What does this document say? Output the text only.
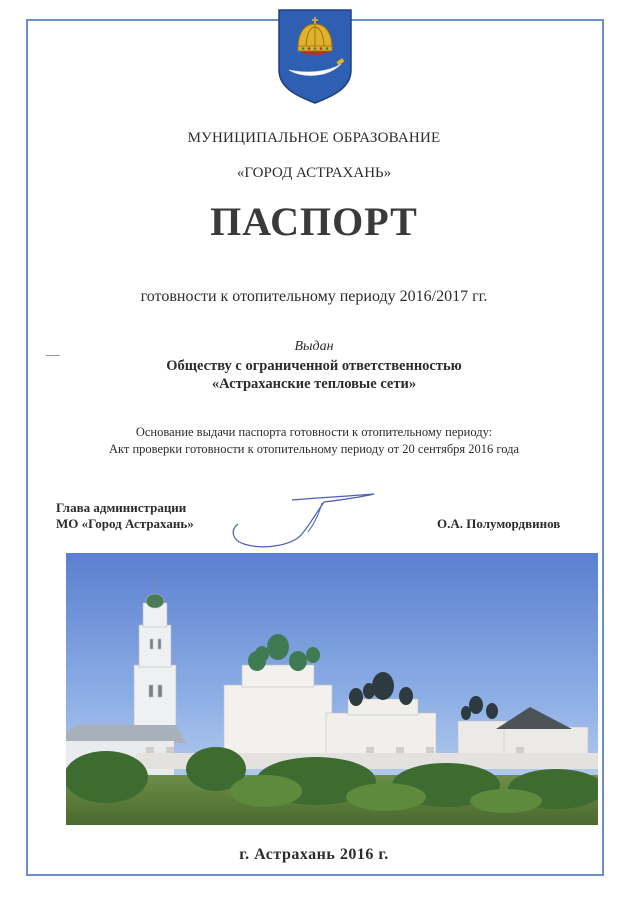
МУНИЦИПАЛЬНОЕ ОБРАЗОВАНИЕ
«ГОРОД АСТРАХАНЬ»
ПАСПОРТ
готовности к отопительному периоду 2016/2017 гг.
Выдан
Обществу с ограниченной ответственностью
«Астраханские тепловые сети»
Основание выдачи паспорта готовности к отопительному периоду:
Акт проверки готовности к отопительному периоду от 20 сентября 2016 года
Глава администрации
МО «Город Астрахань»	О.А. Полумордвинов
г. Астрахань 2016 г.
